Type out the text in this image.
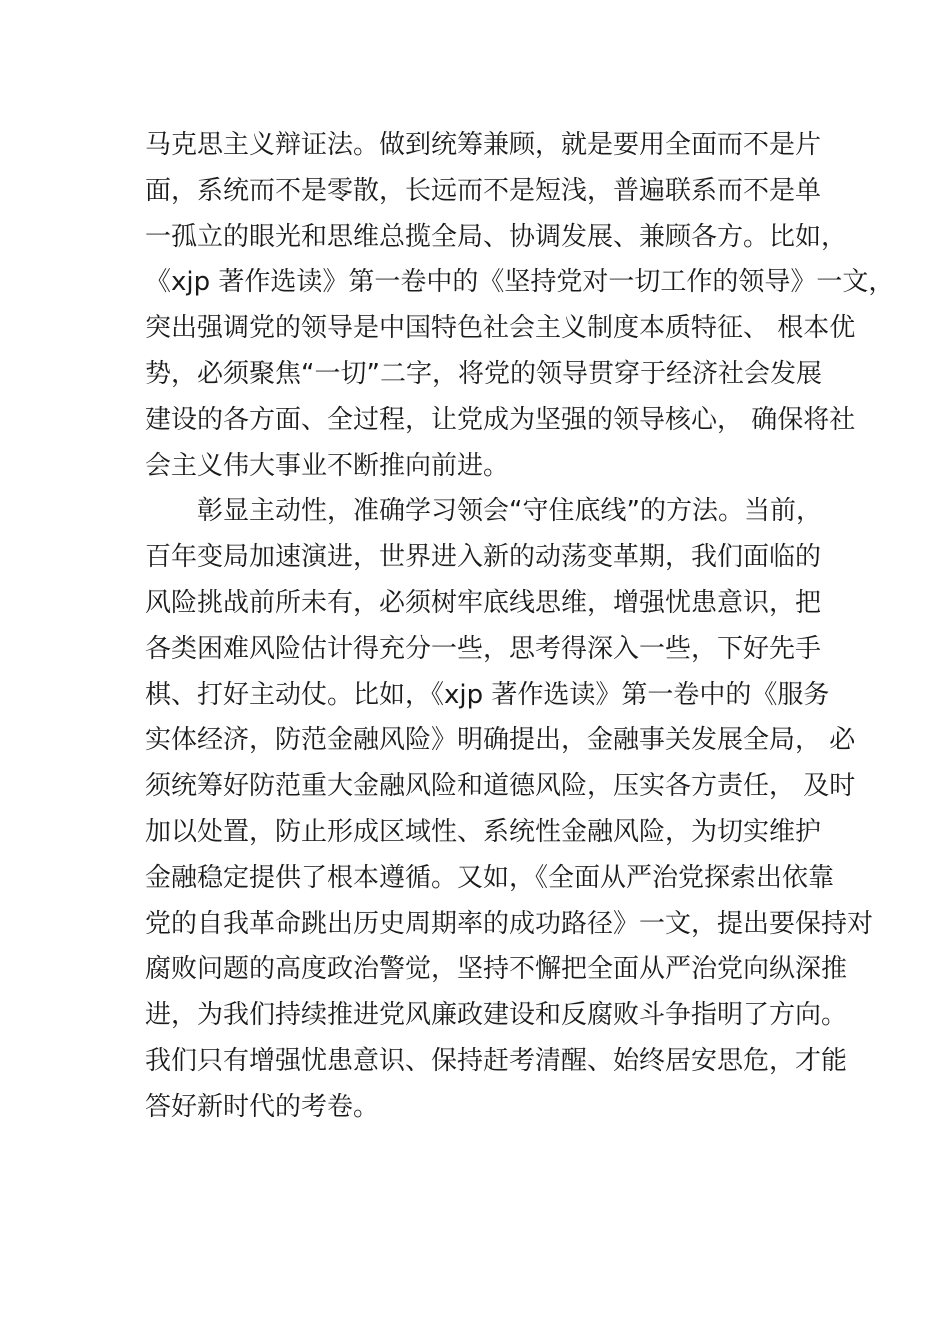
马克思主义辩证法。做到统筹兼顾，就是要用全面而不是片
面，系统而不是零散，长远而不是短浅，普遍联系而不是单
一孤立的眼光和思维总揽全局、协调发展、兼顾各方。比如，
《xjp 著作选读》第一卷中的《坚持党对一切工作的领导》一文，
突出强调党的领导是中国特色社会主义制度本质特征、 根本优
势，必须聚焦“一切”二字，将党的领导贯穿于经济社会发展
建设的各方面、全过程，让党成为坚强的领导核心， 确保将社
会主义伟大事业不断推向前进。
彰显主动性，准确学习领会“守住底线”的方法。当前，
百年变局加速演进，世界进入新的动荡变革期，我们面临的
风险挑战前所未有，必须树牢底线思维，增强忧患意识，把
各类困难风险估计得充分一些，思考得深入一些，下好先手
棋、打好主动仗。比如，《xjp 著作选读》第一卷中的《服务
实体经济，防范金融风险》明确提出，金融事关发展全局， 必
须统筹好防范重大金融风险和道德风险，压实各方责任， 及时
加以处置，防止形成区域性、系统性金融风险，为切实维护
金融稳定提供了根本遵循。又如，《全面从严治党探索出依靠
党的自我革命跳出历史周期率的成功路径》一文，提出要保持对
腐败问题的高度政治警觉，坚持不懈把全面从严治党向纵深推
进，为我们持续推进党风廉政建设和反腐败斗争指明了方向。
我们只有增强忧患意识、保持赶考清醒、始终居安思危，才能
答好新时代的考卷。
